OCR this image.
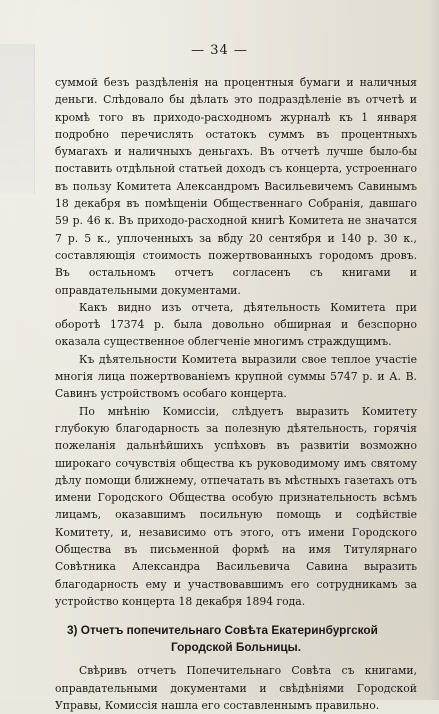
— 34 —

суммой безъ раздѣленія на процентныя бумаги и наличныя деньги. Слѣдовало бы дѣлать это подраздѣленіе въ отчетѣ и кромѣ того въ приходо-расходномъ журналѣ къ 1 января подробно перечислять остатокъ суммъ въ процентныхъ бумагахъ и наличныхъ деньгахъ. Въ отчетѣ лучше было-бы поставить отдѣльной статьей доходъ съ концерта, устроеннаго въ пользу Комитета Александромъ Васильевичемъ Савинымъ 18 декабря въ помѣщеніи Общественнаго Собранія, давшаго 59 р. 46 к. Въ приходо-расходной книгѣ Комитета не значатся 7 р. 5 к., уплоченныхъ за вбду 20 сентября и 140 р. 30 к., составляющія стоимость пожертвованныхъ городомъ дровъ. Въ остальномъ отчетъ согласенъ съ книгами и оправдательными документами.

Какъ видно изъ отчета, дѣятельность Комитета при оборотѣ 17374 р. была довольно обширная и безспорно оказала существенное облегченіе многимъ страждущимъ.

Къ дѣятельности Комитета выразили свое теплое участіе многія лица пожертвованіемъ крупной суммы 5747 р. и А. В. Савинъ устройствомъ особаго концерта.

По мнѣнію Комиссіи, слѣдуетъ выразить Комитету глубокую благодарность за полезную дѣятельность, горячія пожеланія дальнѣйшихъ успѣховъ въ развитіи возможно широкаго сочувствія общества къ руководимому имъ святому дѣлу помощи ближнему, отпечатать въ мѣстныхъ газетахъ отъ имени Городского Общества особую признательность всѣмъ лицамъ, оказавшимъ посильную помощь и содѣйствіе Комитету, и, независимо отъ этого, отъ имени Городского Общества въ письменной формѣ на имя Титулярнаго Совѣтника Александра Васильевича Савина выразить благодарность ему и участвовавшимъ его сотрудникамъ за устройство концерта 18 декабря 1894 года.

3) Отчетъ попечительнаго Совѣта Екатеринбургской
Городской Больницы.

Свѣривъ отчетъ Попечительнаго Совѣта съ книгами, оправдательными документами и свѣдѣніями Городской Управы, Комиссія нашла его составленнымъ правильно.
